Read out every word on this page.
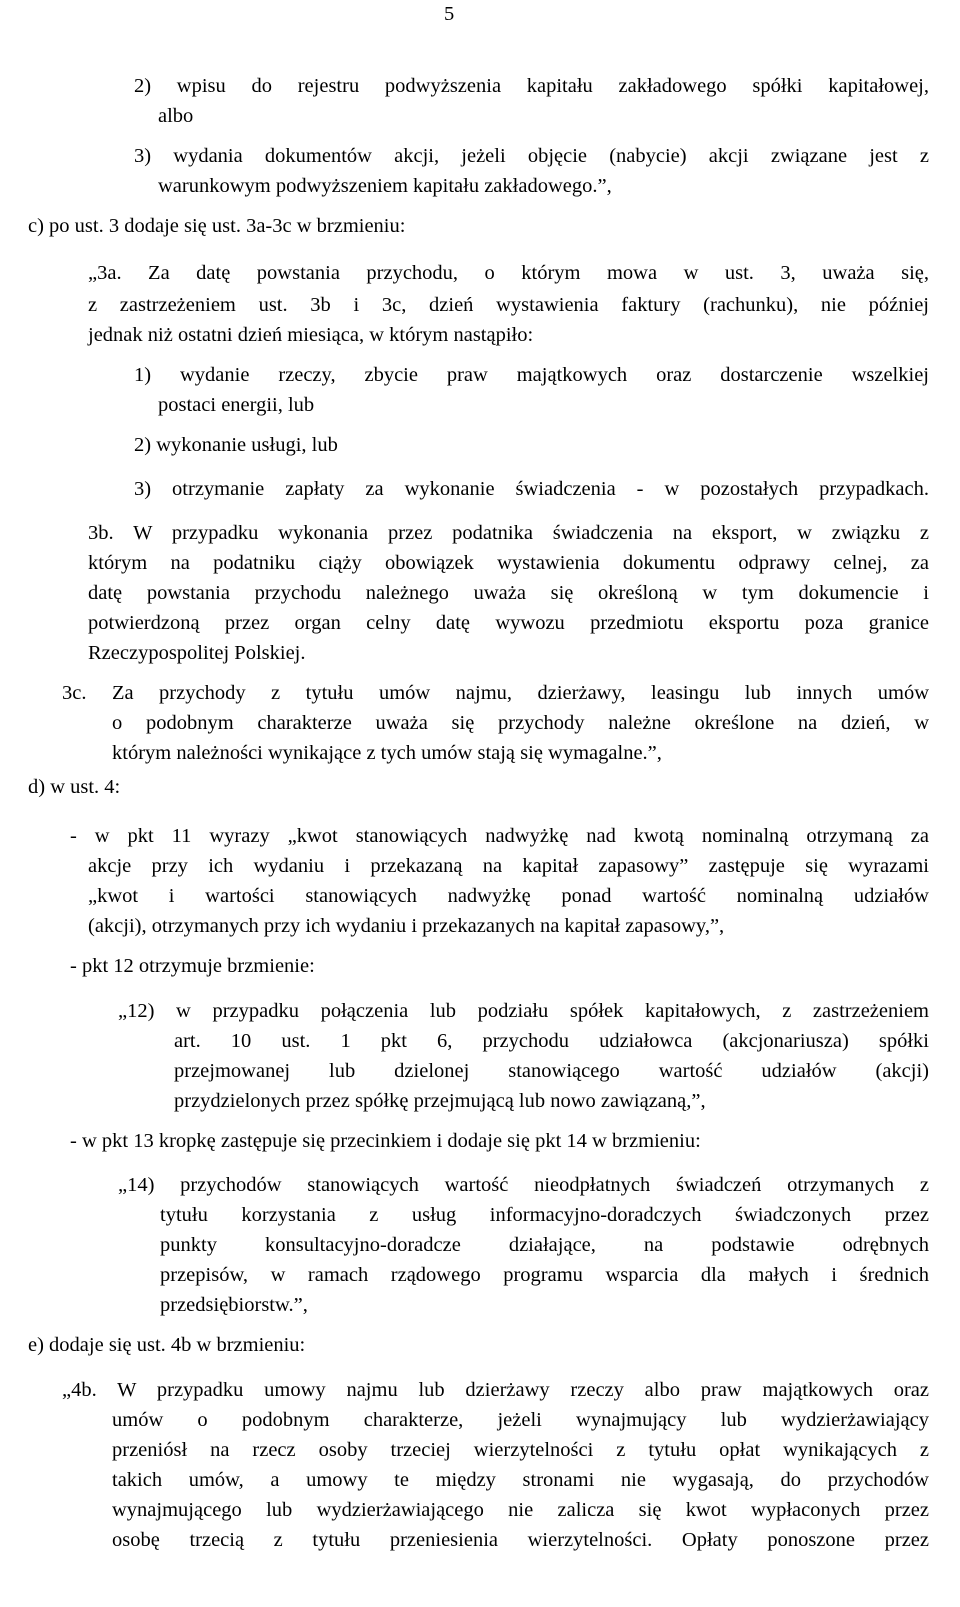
5
2) wpisu do rejestru podwyższenia kapitału zakładowego spółki kapitałowej,
albo
3) wydania dokumentów akcji, jeżeli objęcie (nabycie) akcji związane jest z
warunkowym podwyższeniem kapitału zakładowego.”,
c) po ust. 3 dodaje się ust. 3a-3c w brzmieniu:
„3a. Za datę powstania przychodu, o którym mowa w ust. 3, uważa się,
z zastrzeżeniem ust. 3b i 3c, dzień wystawienia faktury (rachunku), nie później
jednak niż ostatni dzień miesiąca, w którym nastąpiło:
1) wydanie rzeczy, zbycie praw majątkowych oraz dostarczenie wszelkiej
postaci energii, lub
2) wykonanie usługi, lub
3) otrzymanie zapłaty za wykonanie świadczenia - w pozostałych przypadkach.
3b. W przypadku wykonania przez podatnika świadczenia na eksport, w związku z
którym na podatniku ciąży obowiązek wystawienia dokumentu odprawy celnej, za
datę powstania przychodu należnego uważa się określoną w tym dokumencie i
potwierdzoną przez organ celny datę wywozu przedmiotu eksportu poza granice
Rzeczypospolitej Polskiej.
3c. Za przychody z tytułu umów najmu, dzierżawy, leasingu lub innych umów
o podobnym charakterze uważa się przychody należne określone na dzień, w
którym należności wynikające z tych umów stają się wymagalne.”,
d) w ust. 4:
- w pkt 11 wyrazy „kwot stanowiących nadwyżkę nad kwotą nominalną otrzymaną za
akcje przy ich wydaniu i przekazaną na kapitał zapasowy” zastępuje się wyrazami
„kwot i wartości stanowiących nadwyżkę ponad wartość nominalną udziałów
(akcji), otrzymanych przy ich wydaniu i przekazanych na kapitał zapasowy,”,
- pkt 12 otrzymuje brzmienie:
„12) w przypadku połączenia lub podziału spółek kapitałowych, z zastrzeżeniem
art. 10 ust. 1 pkt 6, przychodu udziałowca (akcjonariusza) spółki
przejmowanej lub dzielonej stanowiącego wartość udziałów (akcji)
przydzielonych przez spółkę przejmującą lub nowo zawiązaną,”,
- w pkt 13 kropkę zastępuje się przecinkiem i dodaje się pkt 14 w brzmieniu:
„14) przychodów stanowiących wartość nieodpłatnych świadczeń otrzymanych z
tytułu korzystania z usług informacyjno-doradczych świadczonych przez
punkty konsultacyjno-doradcze działające, na podstawie odrębnych
przepisów, w ramach rządowego programu wsparcia dla małych i średnich
przedsiębiorstw.”,
e) dodaje się ust. 4b w brzmieniu:
„4b. W przypadku umowy najmu lub dzierżawy rzeczy albo praw majątkowych oraz
umów o podobnym charakterze, jeżeli wynajmujący lub wydzierżawiający
przeniósł na rzecz osoby trzeciej wierzytelności z tytułu opłat wynikających z
takich umów, a umowy te między stronami nie wygasają, do przychodów
wynajmującego lub wydzierżawiającego nie zalicza się kwot wypłaconych przez
osobę trzecią z tytułu przeniesienia wierzytelności. Opłaty ponoszone przez
